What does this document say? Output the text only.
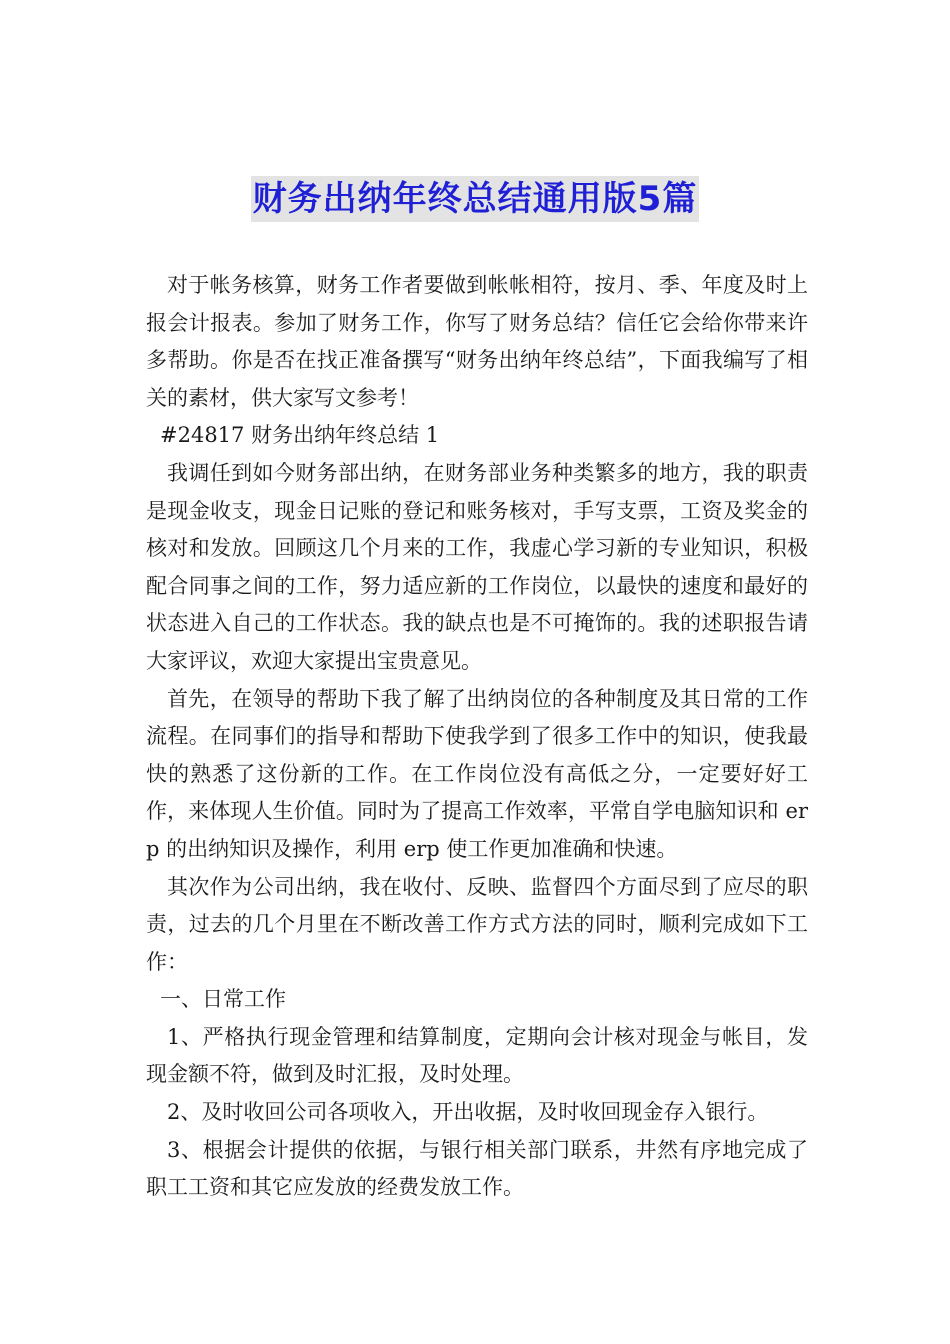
财务出纳年终总结通用版5篇

对于帐务核算，财务工作者要做到帐帐相符，按月、季、年度及时上报会计报表。参加了财务工作，你写了财务总结？信任它会给你带来许多帮助。你是否在找正准备撰写“财务出纳年终总结”，下面我编写了相关的素材，供大家写文参考！

#24817 财务出纳年终总结 1

我调任到如今财务部出纳，在财务部业务种类繁多的地方，我的职责是现金收支，现金日记账的登记和账务核对，手写支票，工资及奖金的核对和发放。回顾这几个月来的工作，我虚心学习新的专业知识，积极配合同事之间的工作，努力适应新的工作岗位，以最快的速度和最好的状态进入自己的工作状态。我的缺点也是不可掩饰的。我的述职报告请大家评议，欢迎大家提出宝贵意见。

首先，在领导的帮助下我了解了出纳岗位的各种制度及其日常的工作流程。在同事们的指导和帮助下使我学到了很多工作中的知识，使我最快的熟悉了这份新的工作。在工作岗位没有高低之分，一定要好好工作，来体现人生价值。同时为了提高工作效率，平常自学电脑知识和 erp 的出纳知识及操作，利用 erp 使工作更加准确和快速。

其次作为公司出纳，我在收付、反映、监督四个方面尽到了应尽的职责，过去的几个月里在不断改善工作方式方法的同时，顺利完成如下工作：

一、日常工作

1、严格执行现金管理和结算制度，定期向会计核对现金与帐目，发现金额不符，做到及时汇报，及时处理。

2、及时收回公司各项收入，开出收据，及时收回现金存入银行。

3、根据会计提供的依据，与银行相关部门联系，井然有序地完成了职工工资和其它应发放的经费发放工作。
